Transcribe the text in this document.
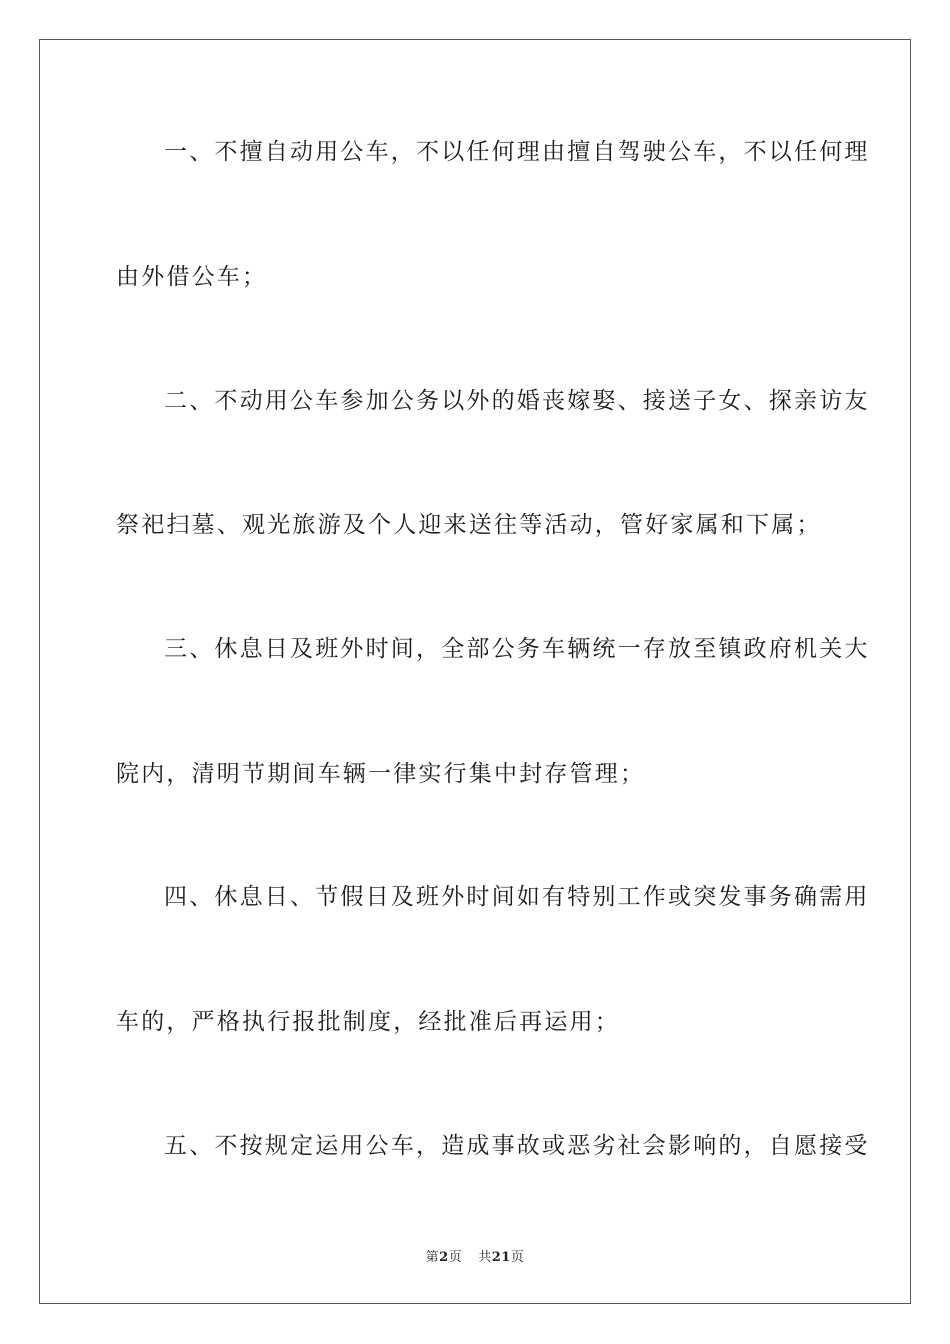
一、不擅自动用公车，不以任何理由擅自驾驶公车，不以任何理
由外借公车；
二、不动用公车参加公务以外的婚丧嫁娶、接送子女、探亲访友
祭祀扫墓、观光旅游及个人迎来送往等活动，管好家属和下属；
三、休息日及班外时间，全部公务车辆统一存放至镇政府机关大
院内，清明节期间车辆一律实行集中封存管理；
四、休息日、节假日及班外时间如有特别工作或突发事务确需用
车的，严格执行报批制度，经批准后再运用；
五、不按规定运用公车，造成事故或恶劣社会影响的，自愿接受
第2页 共21页
